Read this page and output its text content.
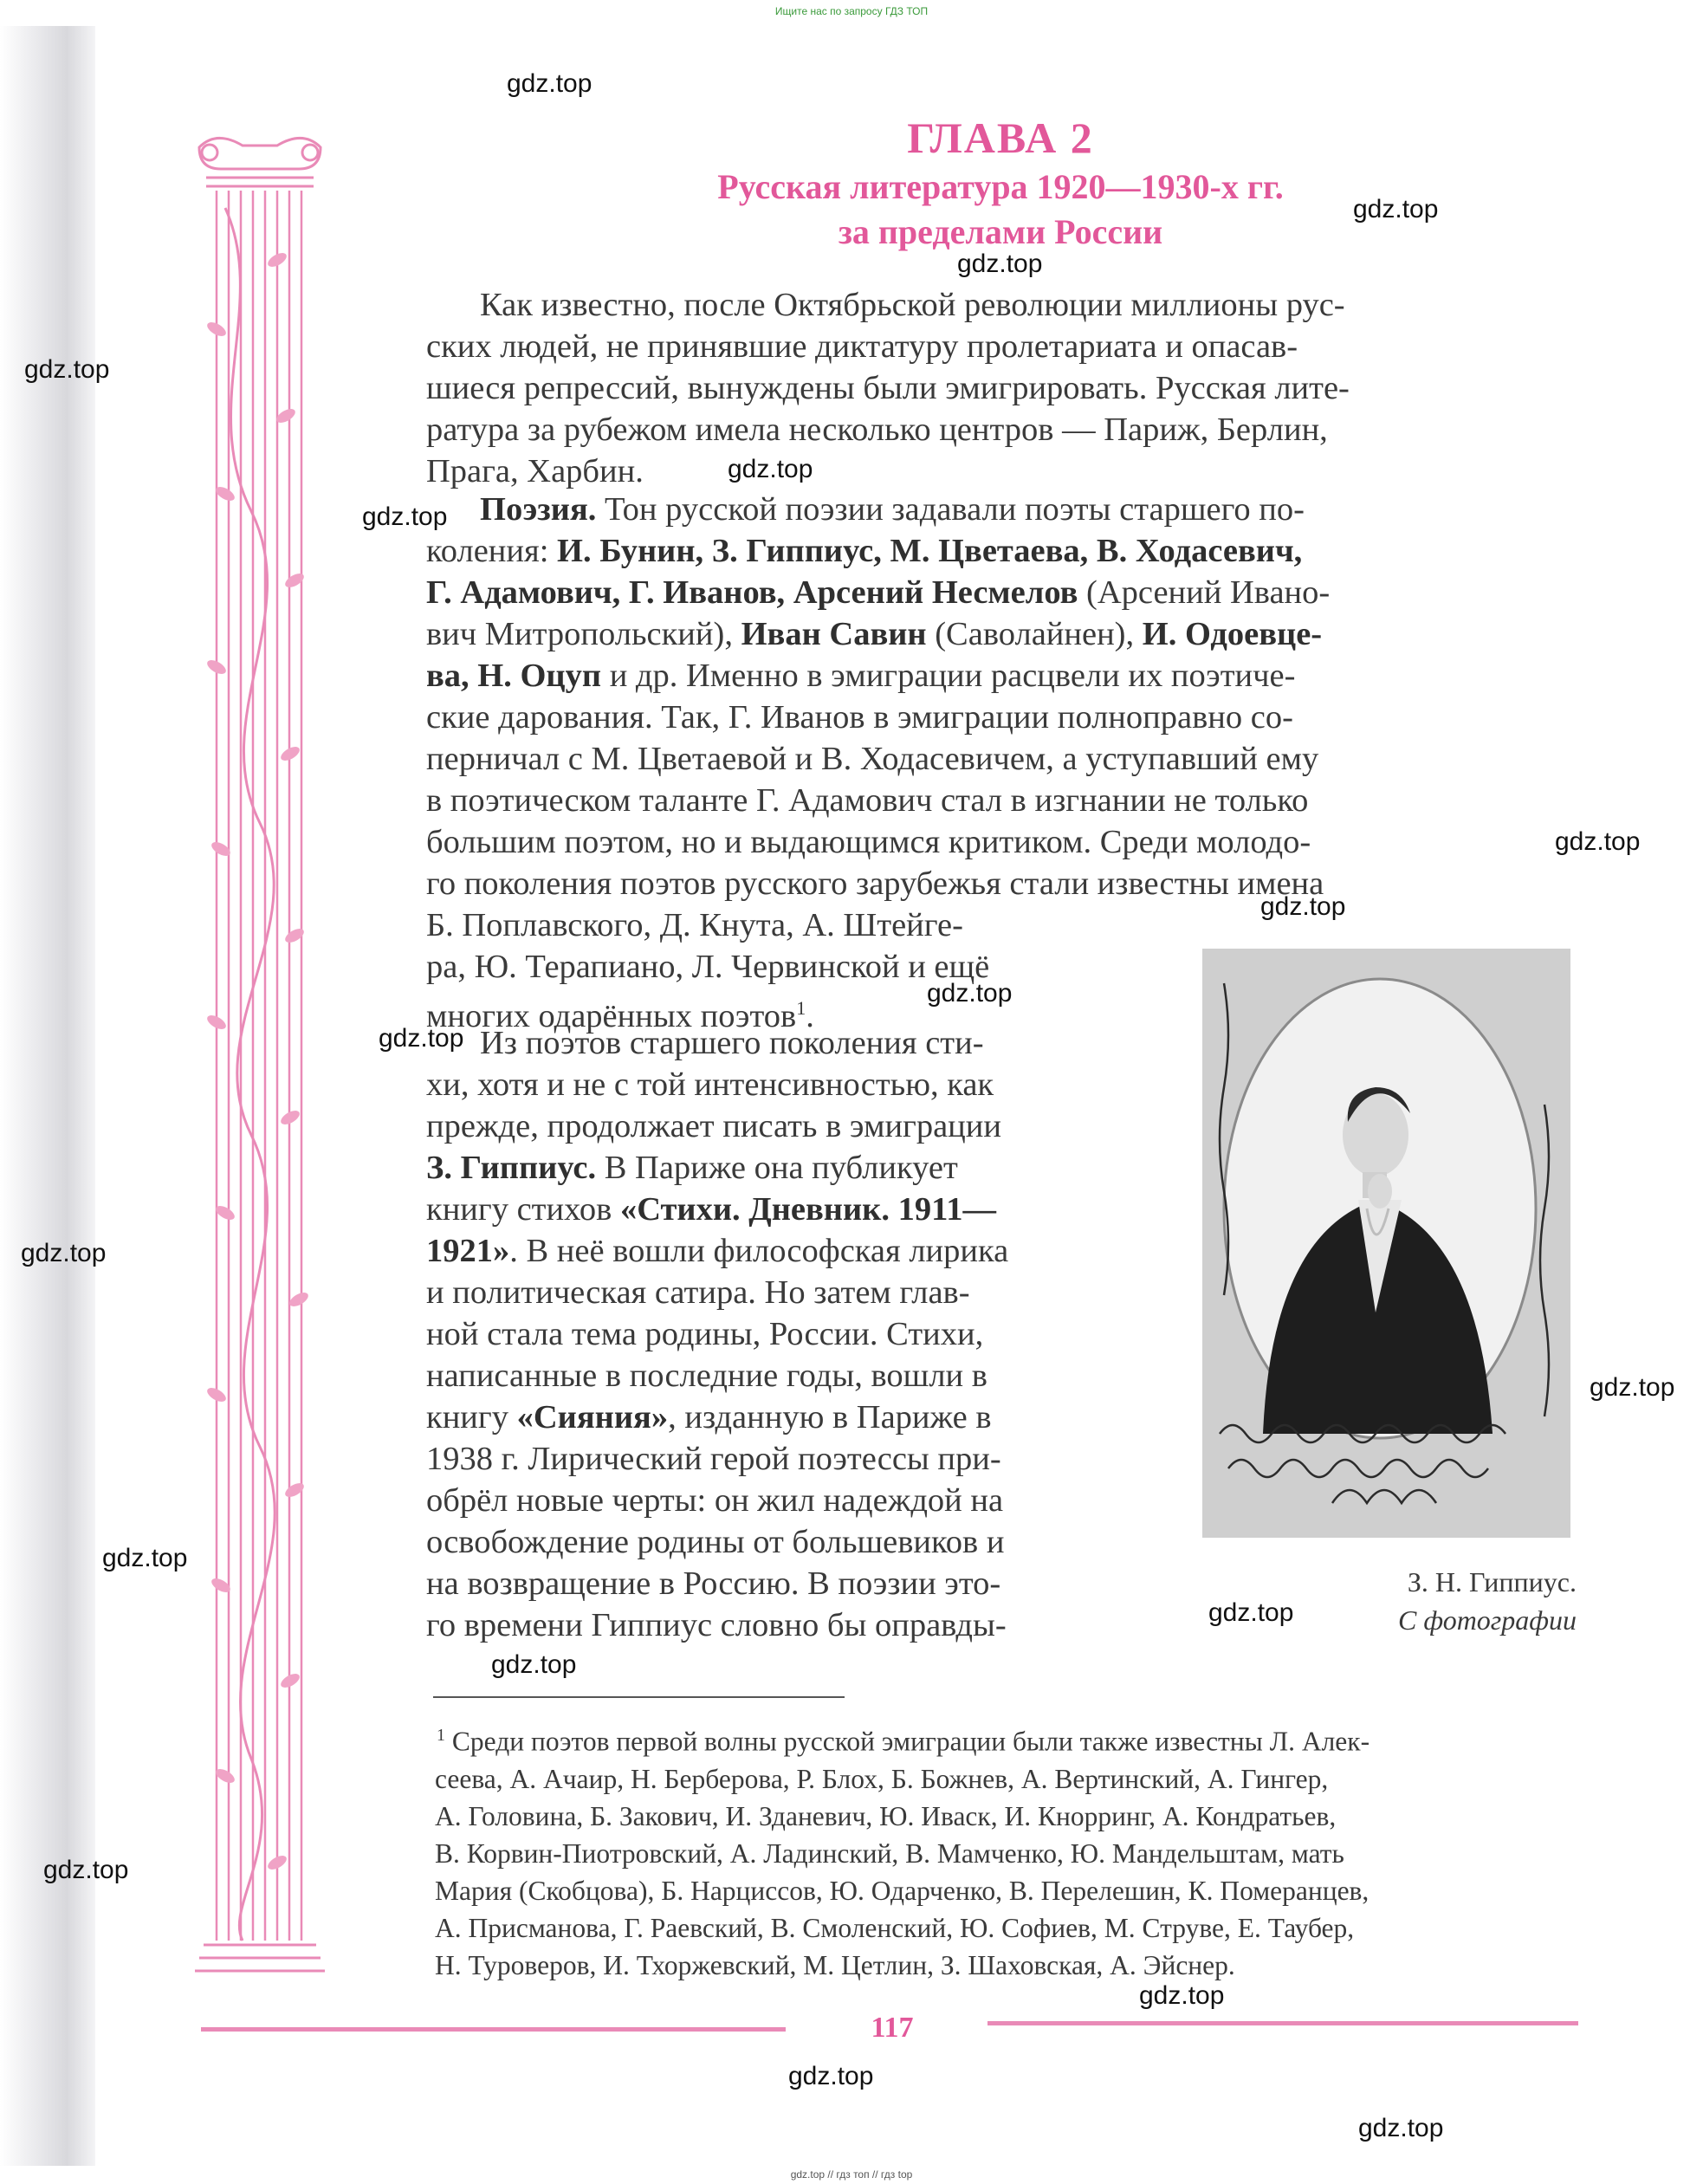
Ищите нас по запросу ГДЗ ТОП
ГЛАВА 2
Русская литература 1920—1930-х гг.
за пределами России
Как известно, после Октябрьской революции миллионы рус-
ских людей, не принявшие диктатуру пролетариата и опасав-
шиеся репрессий, вынуждены были эмигрировать. Русская лите-
ратура за рубежом имела несколько центров — Париж, Берлин,
Прага, Харбин.
Поэзия. Тон русской поэзии задавали поэты старшего по-
коления: И. Бунин, З. Гиппиус, М. Цветаева, В. Ходасевич,
Г. Адамович, Г. Иванов, Арсений Несмелов (Арсений Ивано-
вич Митропольский), Иван Савин (Саволайнен), И. Одоевце-
ва, Н. Оцуп и др. Именно в эмиграции расцвели их поэтиче-
ские дарования. Так, Г. Иванов в эмиграции полноправно со-
перничал с М. Цветаевой и В. Ходасевичем, а уступавший ему
в поэтическом таланте Г. Адамович стал в изгнании не только
большим поэтом, но и выдающимся критиком. Среди молодо-
го поколения поэтов русского зарубежья стали известны имена
Б. Поплавского, Д. Кнута, А. Штейге-
ра, Ю. Терапиано, Л. Червинской и ещё
многих одарённых поэтов$^1$.
Из поэтов старшего поколения сти-
хи, хотя и не с той интенсивностью, как
прежде, продолжает писать в эмиграции
З. Гиппиус. В Париже она публикует
книгу стихов «Стихи. Дневник. 1911—
1921». В неё вошли философская лирика
и политическая сатира. Но затем глав-
ной стала тема родины, России. Стихи,
написанные в последние годы, вошли в
книгу «Сияния», изданную в Париже в
1938 г. Лирический герой поэтессы при-
обрёл новые черты: он жил надеждой на
освобождение родины от большевиков и
на возвращение в Россию. В поэзии это-
го времени Гиппиус словно бы оправды-
З. Н. Гиппиус.
С фотографии
$^1$ Среди поэтов первой волны русской эмиграции были также известны Л. Алек-
сеева, А. Ачаир, Н. Берберова, Р. Блох, Б. Божнев, А. Вертинский, А. Гингер,
А. Головина, Б. Закович, И. Зданевич, Ю. Иваск, И. Кнорринг, А. Кондратьев,
В. Корвин-Пиотровский, А. Ладинский, В. Мамченко, Ю. Мандельштам, мать
Мария (Скобцова), Б. Нарциссов, Ю. Одарченко, В. Перелешин, К. Померанцев,
А. Присманова, Г. Раевский, В. Смоленский, Ю. Софиев, М. Струве, Е. Таубер,
Н. Туроверов, И. Тхоржевский, М. Цетлин, З. Шаховская, А. Эйснер.
117
gdz.top
gdz.top
gdz.top
gdz.top
gdz.top
gdz.top
gdz.top
gdz.top
gdz.top
gdz.top
gdz.top
gdz.top
gdz.top
gdz.top
gdz.top
gdz.top
gdz.top
gdz.top
gdz.top
gdz.top // гдз топ // гдз top
